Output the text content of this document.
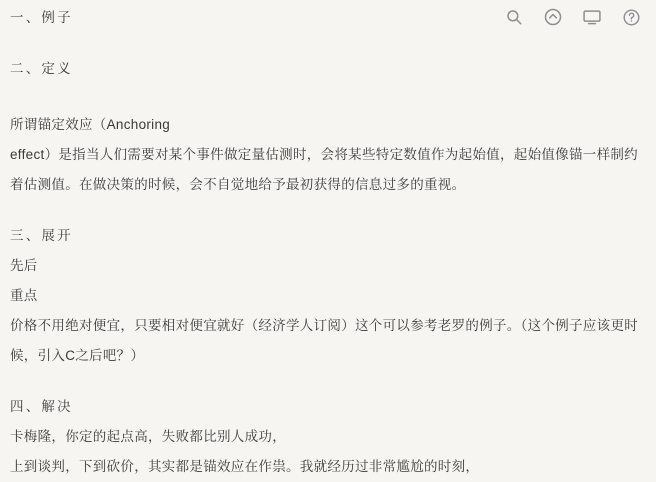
一、例子
二、定义
所谓锚定效应（Anchoring
effect）是指当人们需要对某个事件做定量估测时，会将某些特定数值作为起始值，起始值像锚一样制约着估测值。在做决策的时候，会不自觉地给予最初获得的信息过多的重视。
三、展开
先后
重点
价格不用绝对便宜，只要相对便宜就好（经济学人订阅）这个可以参考老罗的例子。（这个例子应该更时候，引入C之后吧？）
四、解决
卡梅隆，你定的起点高，失败都比别人成功，
上到谈判，下到砍价，其实都是锚效应在作祟。我就经历过非常尴尬的时刻，
